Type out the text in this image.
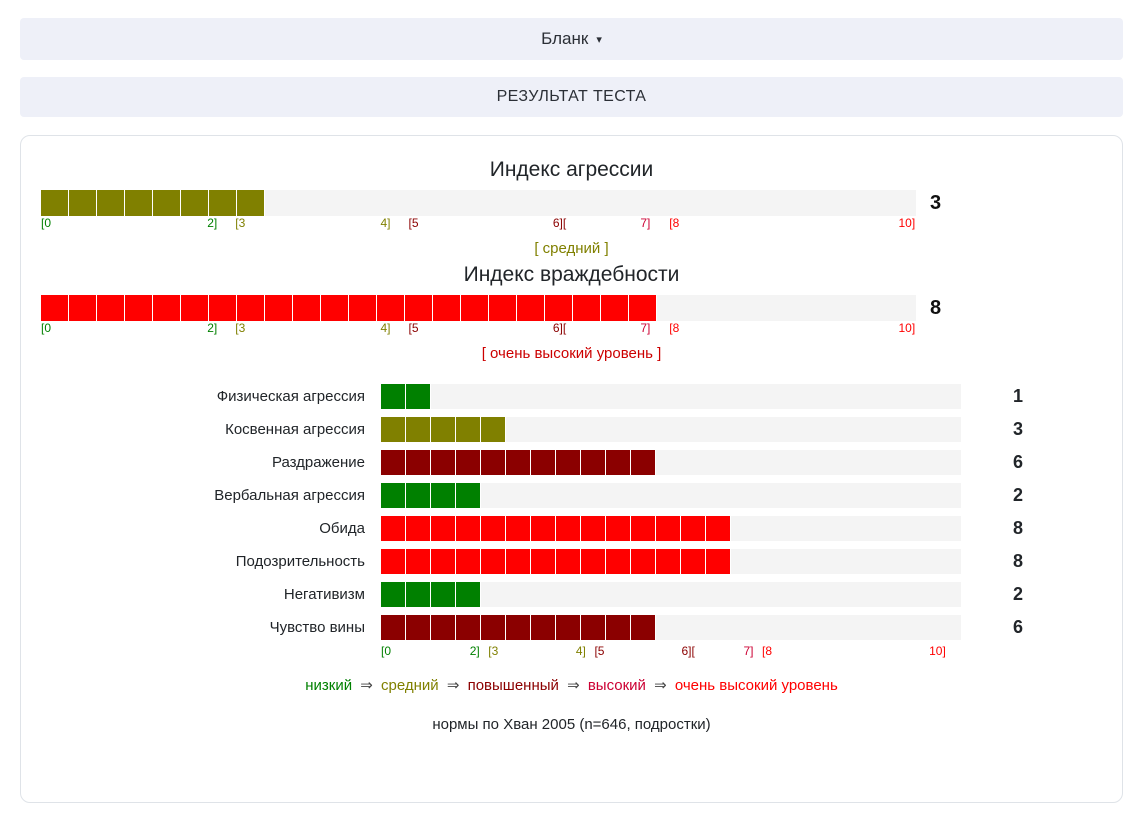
Бланк ▾
РЕЗУЛЬТАТ ТЕСТА
Индекс агрессии
3
[0	2] [3	4] [5	6][	7] [8	10]
[ средний ]
Индекс враждебности
8
[0	2] [3	4] [5	6][	7] [8	10]
[ очень высокий уровень ]
Физическая агрессия	1
Косвенная агрессия	3
Раздражение	6
Вербальная агрессия	2
Обида	8
Подозрительность	8
Негативизм	2
Чувство вины	6
[0	2] [3	4] [5	6][	7] [8	10]
низкий ⇒ средний ⇒ повышенный ⇒ высокий ⇒ очень высокий уровень
нормы по Хван 2005 (n=646, подростки)
